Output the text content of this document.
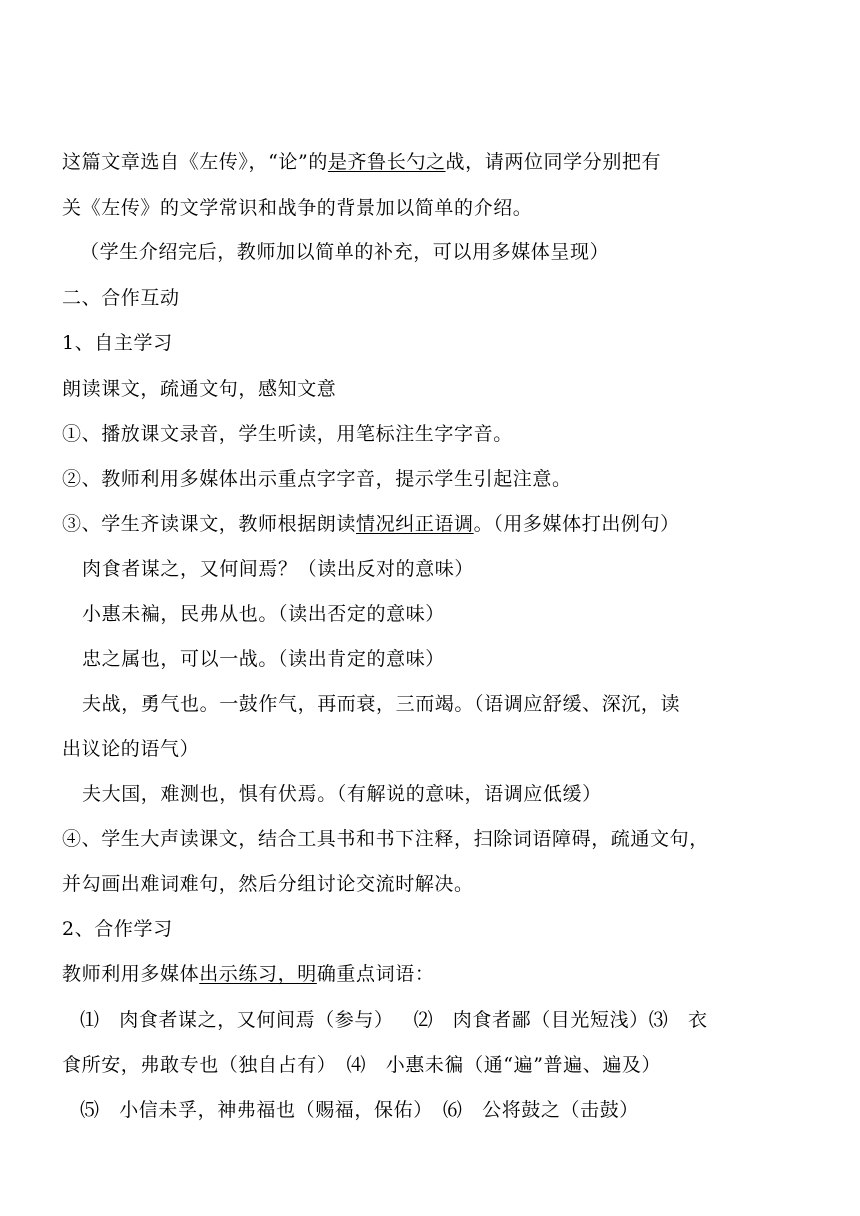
这篇文章选自《左传》，“论”的是齐鲁长勺之战，请两位同学分别把有
关《左传》的文学常识和战争的背景加以简单的介绍。
（学生介绍完后，教师加以简单的补充，可以用多媒体呈现）
二、合作互动
1、自主学习
朗读课文，疏通文句，感知文意
①、播放课文录音，学生听读，用笔标注生字字音。
②、教师利用多媒体出示重点字字音，提示学生引起注意。
③、学生齐读课文，教师根据朗读情况纠正语调。（用多媒体打出例句）
肉食者谋之，又何间焉？（读出反对的意味）
小惠未褊，民弗从也。（读出否定的意味）
忠之属也，可以一战。（读出肯定的意味）
夫战，勇气也。一鼓作气，再而衰，三而竭。（语调应舒缓、深沉，读
出议论的语气）
夫大国，难测也，惧有伏焉。（有解说的意味，语调应低缓）
④、学生大声读课文，结合工具书和书下注释，扫除词语障碍，疏通文句，
并勾画出难词难句，然后分组讨论交流时解决。
2、合作学习
教师利用多媒体出示练习，明确重点词语：
⑴　肉食者谋之，又何间焉（参与） ⑵　肉食者鄙（目光短浅）⑶　衣
食所安，弗敢专也（独自占有）　⑷　小惠未徧（通“遍”普遍、遍及）
⑸　小信未孚，神弗福也（赐福，保佑）　⑹　公将鼓之（击鼓）
